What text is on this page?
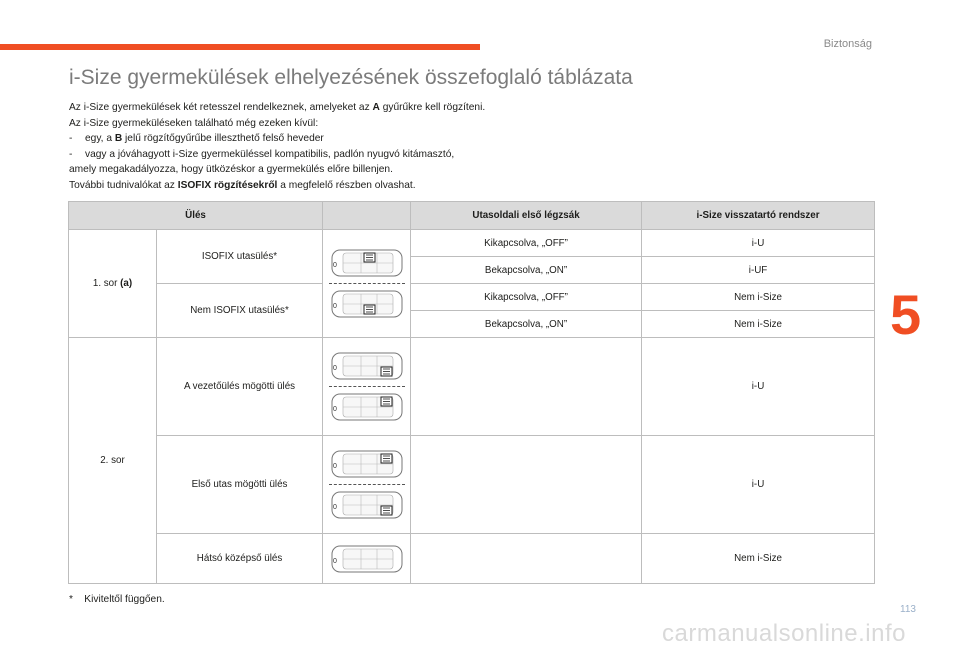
Biztonság
i-Size gyermekülések elhelyezésének összefoglaló táblázata

Az i-Size gyermekülések két retesszel rendelkeznek, amelyeket az A gyűrűkre kell rögzíteni.

Az i-Size gyermeküléseken található még ezeken kívül:

- egy, a B jelű rögzítőgyűrűbe illeszthető felső heveder

- vagy a jóváhagyott i-Size gyermeküléssel kompatibilis, padlón nyugvó kitámasztó,

amely megakadályozza, hogy ütközéskor a gyermekülés előre billenjen.

További tudnivalókat az ISOFIX rögzítésekről a megfelelő részben olvashat.

5
Ülés			Utasoldali első légzsák	i-Size visszatartó rendszer
1. sor (a)	ISOFIX utasülés*		Kikapcsolva, „OFF”	i-U
			Bekapcsolva, „ON”	i-UF
	Nem ISOFIX utasülés*		Kikapcsolva, „OFF”	Nem i-Size
			Bekapcsolva, „ON”	Nem i-Size
2. sor	A vezetőülés mögötti ülés			i-U
	Első utas mögötti ülés			i-U
	Hátsó középső ülés			Nem i-Size
* Kiviteltől függően.
113
carmanualsonline.info
